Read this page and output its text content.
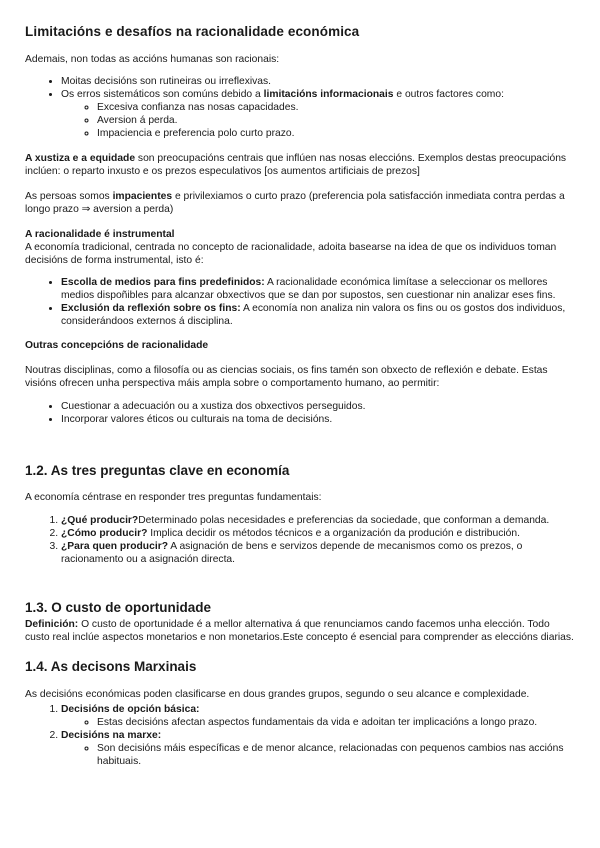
Limitacións e desafíos na racionalidade económica

Ademais, non todas as accións humanas son racionais:

• Moitas decisións son rutineiras ou irreflexivas.
• Os erros sistemáticos son comúns debido a limitacións informacionais e outros factores como:
◦ Excesiva confianza nas nosas capacidades.
◦ Aversion á perda.
◦ Impaciencia e preferencia polo curto prazo.

A xustiza e a equidade son preocupacións centrais que inflúen nas nosas eleccións. Exemplos destas preocupacións inclúen: o reparto inxusto e os prezos especulativos [os aumentos artificiais de prezos]

As persoas somos impacientes e privilexiamos o curto prazo (preferencia pola satisfacción inmediata contra perdas a longo prazo ⇒ aversion a perda)

A racionalidade é instrumental

A economía tradicional, centrada no concepto de racionalidade, adoita basearse na idea de que os individuos toman decisións de forma instrumental, isto é:

• Escolla de medios para fins predefinidos: A racionalidade económica limítase a seleccionar os mellores medios dispoñibles para alcanzar obxectivos que se dan por supostos, sen cuestionar nin analizar eses fins.
• Exclusión da reflexión sobre os fins: A economía non analiza nin valora os fins ou os gostos dos individuos, considerándoos externos á disciplina.
Outras concepcións de racionalidade

Noutras disciplinas, como a filosofía ou as ciencias sociais, os fins tamén son obxecto de reflexión e debate. Estas visións ofrecen unha perspectiva máis ampla sobre o comportamento humano, ao permitir:

• Cuestionar a adecuación ou a xustiza dos obxectivos perseguidos.
• Incorporar valores éticos ou culturais na toma de decisións.
1.2. As tres preguntas clave en economía

A economía céntrase en responder tres preguntas fundamentais:

1. ¿Qué producir?Determinado polas necesidades e preferencias da sociedade, que conforman a demanda.
2. ¿Cómo producir? Implica decidir os métodos técnicos e a organización da produción e distribución.
3. ¿Para quen producir? A asignación de bens e servizos depende de mecanismos como os prezos, o racionamento ou a asignación directa.
1.3. O custo de oportunidade

Definición: O custo de oportunidade é a mellor alternativa á que renunciamos cando facemos unha elección. Todo custo real inclúe aspectos monetarios e non monetarios.Este concepto é esencial para comprender as eleccións diarias.

1.4. As decisons Marxinais

As decisións económicas poden clasificarse en dous grandes grupos, segundo o seu alcance e complexidade.

1. Decisións de opción básica:
◦ Estas decisións afectan aspectos fundamentais da vida e adoitan ter implicacións a longo prazo.
2. Decisións na marxe:
◦ Son decisións máis específicas e de menor alcance, relacionadas con pequenos cambios nas accións habituais.
